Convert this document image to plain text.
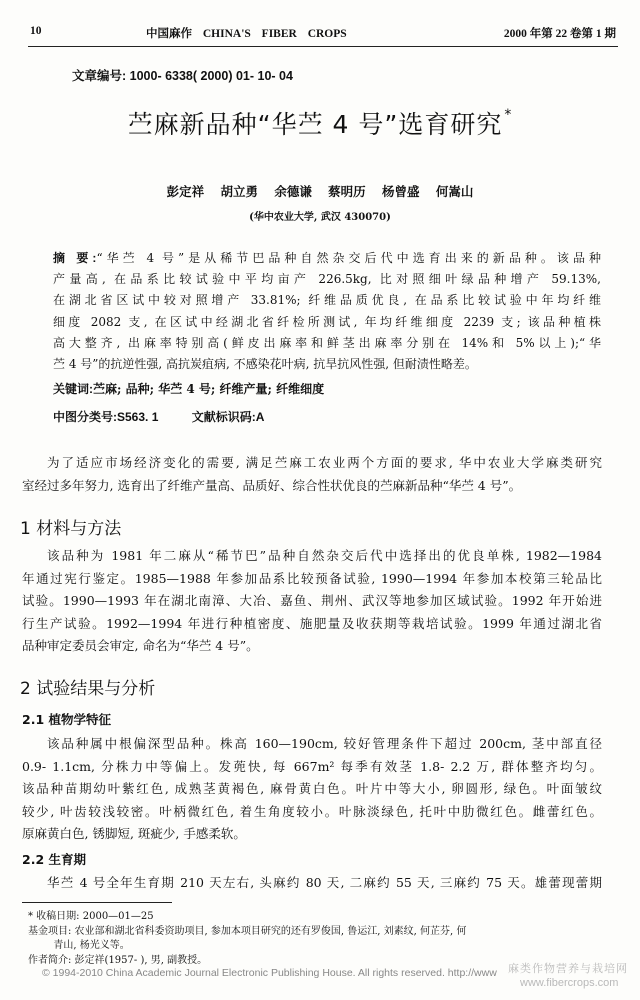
10	中国麻作 CHINA'S FIBER CROPS	2000 年第 22 卷第 1 期
文章编号: 1000- 6338( 2000) 01- 10- 04
苎麻新品种“华苎 4 号”选育研究 *
彭定祥 胡立勇 余德谦 蔡明历 杨曾盛 何嵩山
(华中农业大学, 武汉 430070)

摘 要:“华苎 4 号”是从稀节巴品种自然杂交后代中选育出来的新品种。该品种

产量高, 在品系比较试验中平均亩产 226.5kg, 比对照细叶绿品种增产 59.13%,

在湖北省区试中较对照增产 33.81%; 纤维品质优良, 在品系比较试验中年均纤维

细度 2082 支, 在区试中经湖北省纤检所测试, 年均纤维细度 2239 支; 该品种植株

高大整齐, 出麻率特别高(鲜皮出麻率和鲜茎出麻率分别在 14%和 5%以上);“华

苎 4 号”的抗逆性强, 高抗炭疽病, 不感染花叶病, 抗旱抗风性强, 但耐渍性略差。

关键词:苎麻; 品种; 华苎 4 号; 纤维产量; 纤维细度
中图分类号:S563. 1	文献标识码:A

为了适应市场经济变化的需要, 满足苎麻工农业两个方面的要求, 华中农业大学麻类研究

室经过多年努力, 选育出了纤维产量高、品质好、综合性状优良的苎麻新品种“华苎 4 号”。

1 材料与方法

该品种为 1981 年二麻从“稀节巴”品种自然杂交后代中选择出的优良单株, 1982—1984

年通过宪行鉴定。1985—1988 年参加品系比较预备试验, 1990—1994 年参加本校第三轮品比

试验。1990—1993 年在湖北南漳、大冶、嘉鱼、荆州、武汉等地参加区域试验。1992 年开始进

行生产试验。1992—1994 年进行种植密度、施肥量及收获期等栽培试验。1999 年通过湖北省

品种审定委员会审定, 命名为“华苎 4 号”。

2 试验结果与分析
2.1 植物学特征

该品种属中根偏深型品种。株高 160—190cm, 较好管理条件下超过 200cm, 茎中部直径

0.9- 1.1cm, 分株力中等偏上。发蔸快, 每 667m² 每季有效茎 1.8- 2.2 万, 群体整齐均匀。

该品种苗期幼叶紫红色, 成熟茎黄褐色, 麻骨黄白色。叶片中等大小, 卵圆形, 绿色。叶面皱纹

较少, 叶齿较浅较密。叶柄微红色, 着生角度较小。叶脉淡绿色, 托叶中肋微红色。雌蕾红色。

原麻黄白色, 锈脚短, 斑疵少, 手感柔软。

2.2 生育期

华苎 4 号全年生育期 210 天左右, 头麻约 80 天, 二麻约 55 天, 三麻约 75 天。雄蕾现蕾期

* 收稿日期: 2000—01—25

基金项目: 农业部和湖北省科委资助项目, 参加本项目研究的还有罗俊国, 鲁运江, 刘素纹, 何芷芬, 何

青山, 杨光义等。

作者简介: 彭定祥(1957- ), 男, 副教授。

© 1994-2010 China Academic Journal Electronic Publishing House. All rights reserved. http://www 麻类作物营养与栽培网
www.fibercrops.com
